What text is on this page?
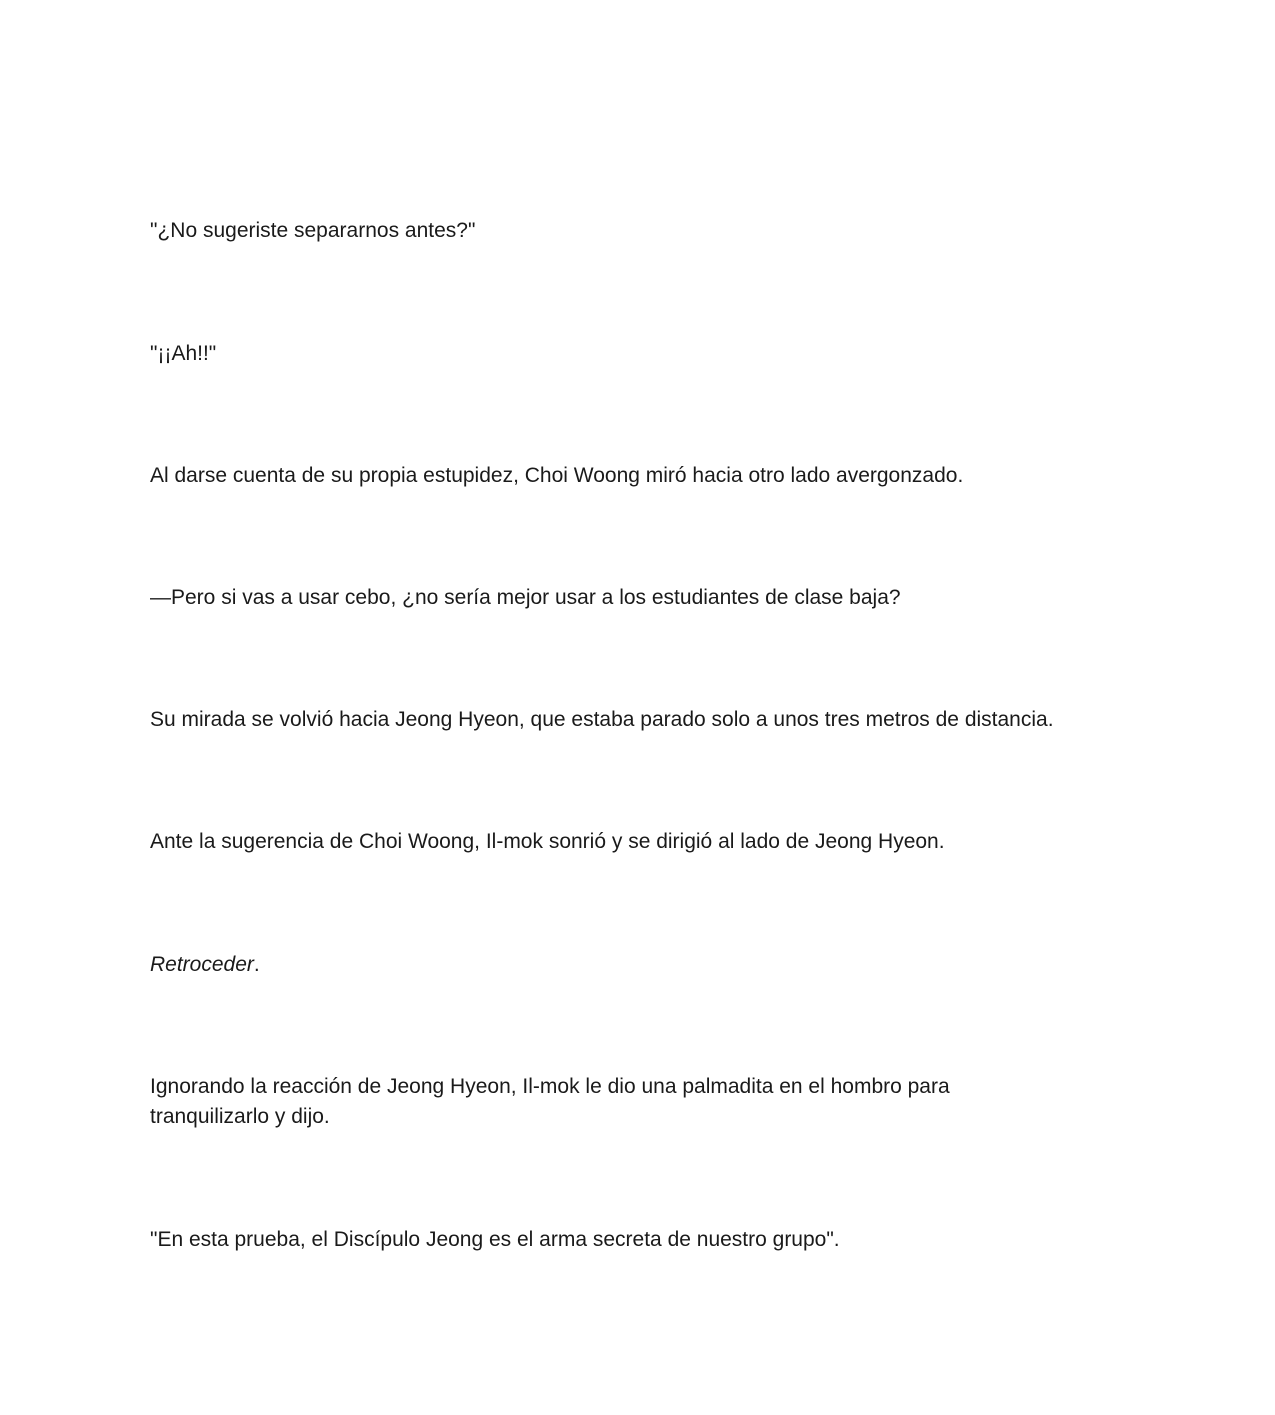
"¿No sugeriste separarnos antes?"

"¡¡Ah!!"

Al darse cuenta de su propia estupidez, Choi Woong miró hacia otro lado avergonzado.

—Pero si vas a usar cebo, ¿no sería mejor usar a los estudiantes de clase baja?

Su mirada se volvió hacia Jeong Hyeon, que estaba parado solo a unos tres metros de distancia.

Ante la sugerencia de Choi Woong, Il-mok sonrió y se dirigió al lado de Jeong Hyeon.

Retroceder.

Ignorando la reacción de Jeong Hyeon, Il-mok le dio una palmadita en el hombro para tranquilizarlo y dijo.

"En esta prueba, el Discípulo Jeong es el arma secreta de nuestro grupo".
